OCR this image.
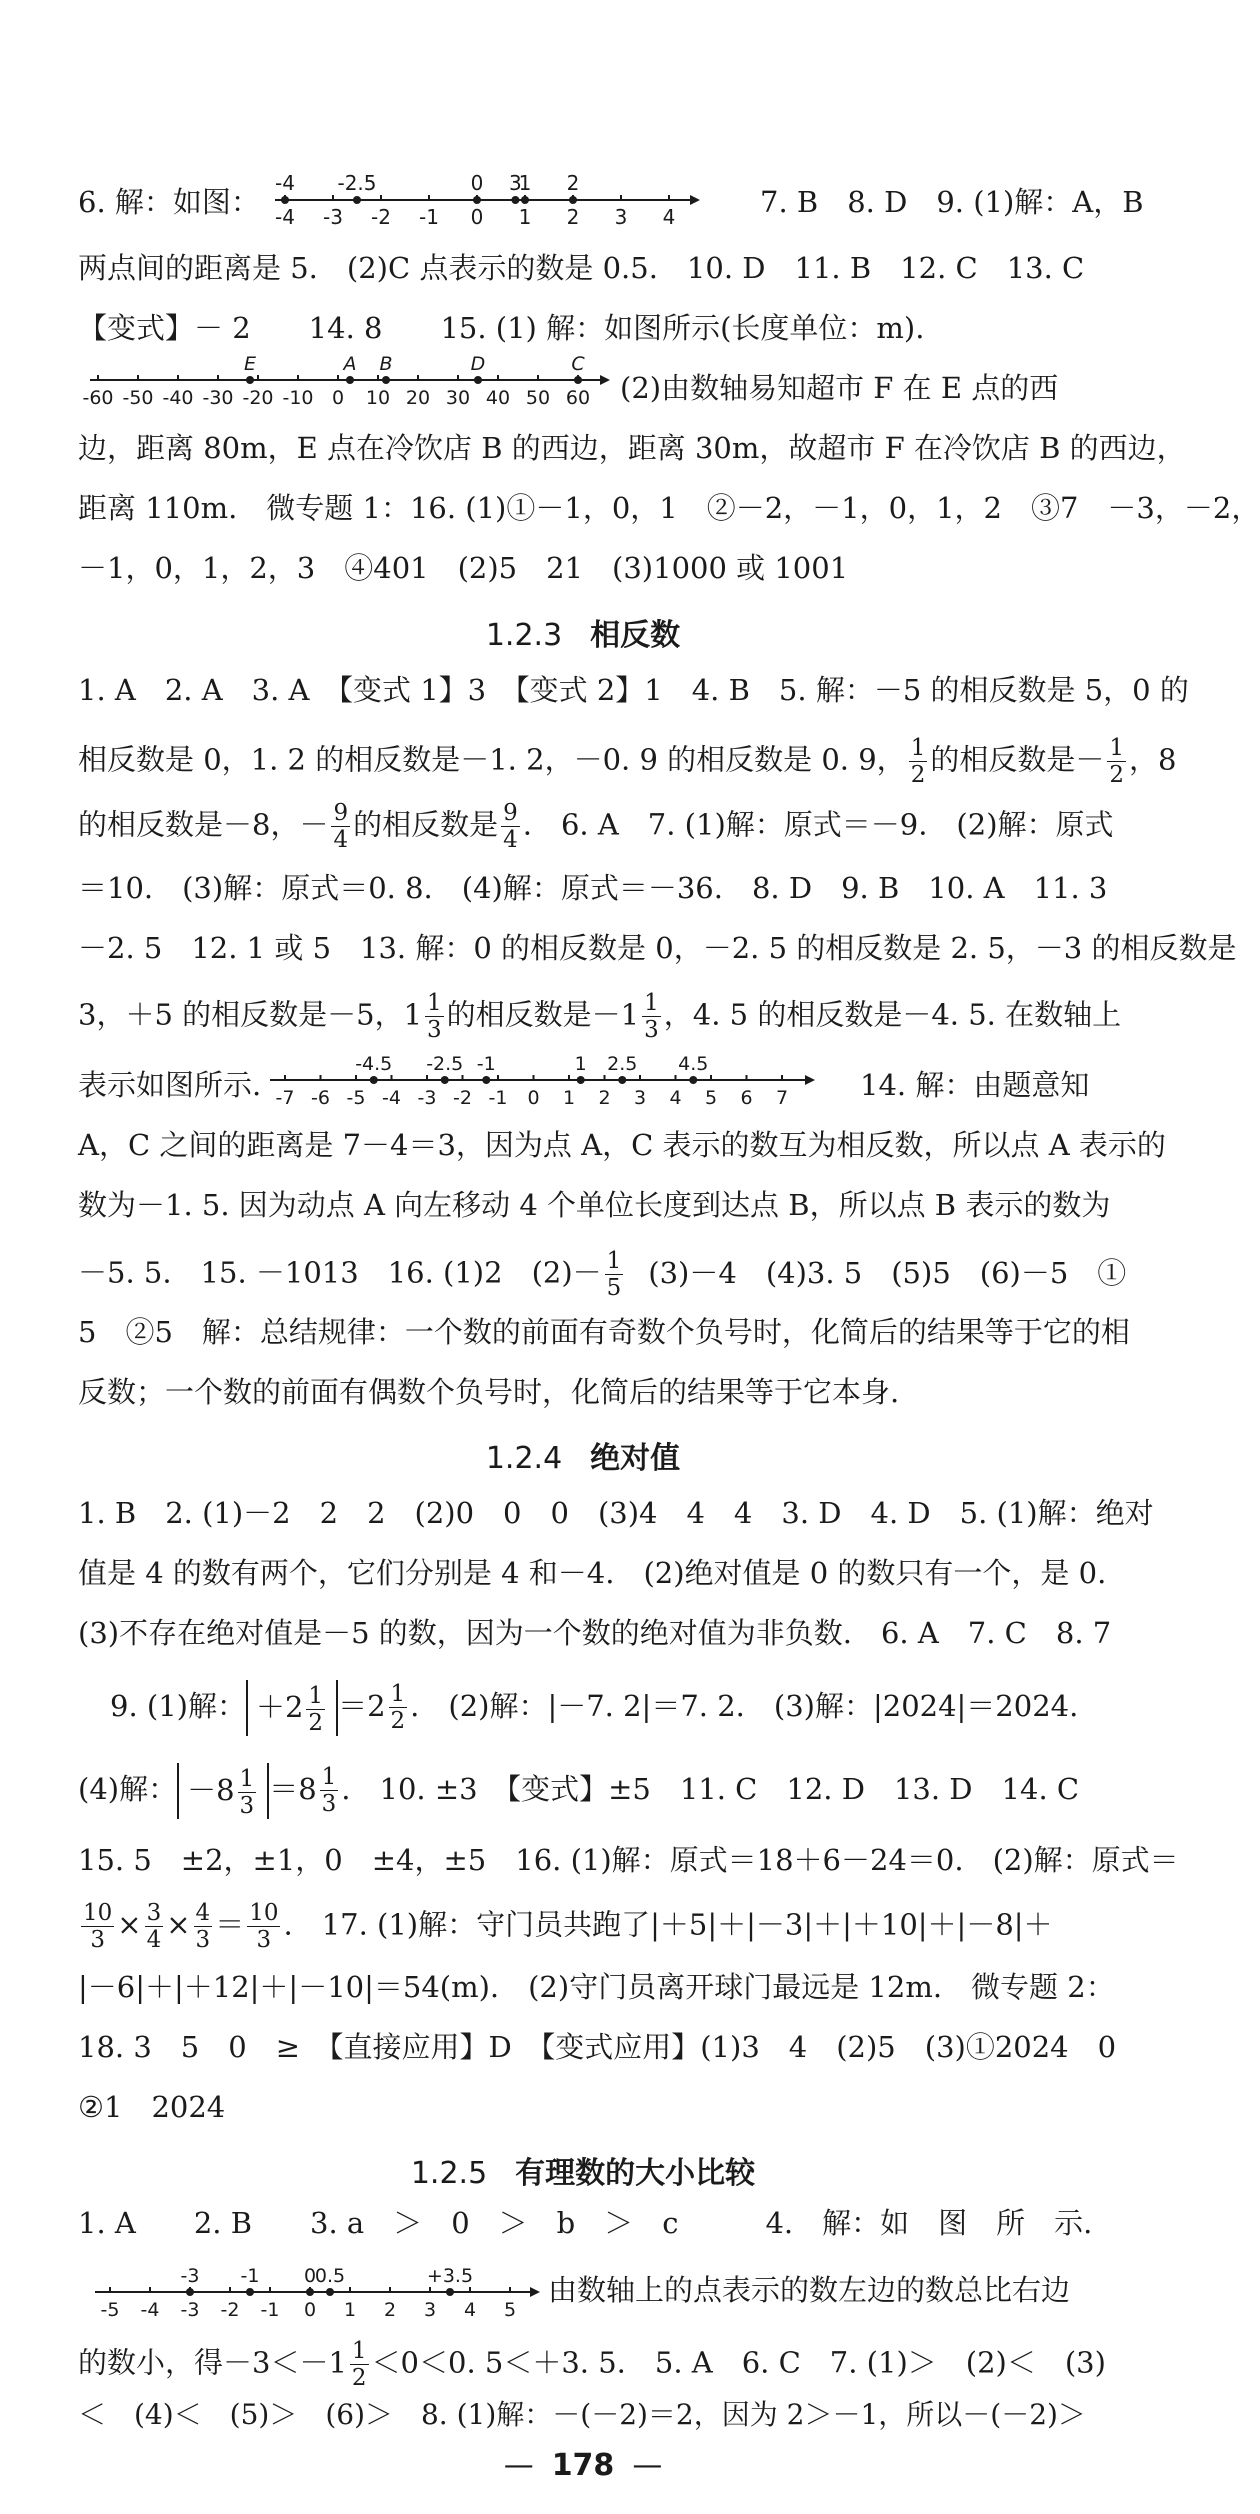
6. 解：如图： -4 -3 -2 -1 0 1 2 3 4
-4 -2.5	0 1
3 2
7. B　8. D　9. (1)解：A，B
两点间的距离是 5.　(2)C 点表示的数是 0.5.　10. D　11. B　12. C　13. C
【变式】－ 2　　14. 8　　15. (1) 解：如图所示(长度单位：m).
-60 -50 -40 -30 -20 -10 0 10 20 30 40 50 60
E	A B	D	C
(2)由数轴易知超市 F 在 E 点的西
边，距离 80m，E 点在冷饮店 B 的西边，距离 30m，故超市 F 在冷饮店 B 的西边，
距离 110m.　微专题 1：16. (1)①－1，0，1　②－2，－1，0，1，2　③7　－3，－2，
－1，0，1，2，3　④401　(2)5　21　(3)1000 或 1001
1.2.3 相反数
1. A　2. A　3. A　【变式 1】3　【变式 2】1　4. B　5. 解：－5 的相反数是 5，0 的
相反数是 0，1. 2 的相反数是－1. 2，－0. 9 的相反数是 0. 9， $\frac{1}{2}$ 的相反数是－ $\frac{1}{2}$ ，8
的相反数是－8，－ $\frac{9}{4}$ 的相反数是 $\frac{9}{4}$ .　6. A　7. (1)解：原式＝－9.　(2)解：原式
＝10.　(3)解：原式＝0. 8.　(4)解：原式＝－36.　8. D　9. B　10. A　11. 3
－2. 5　12. 1 或 5　13. 解：0 的相反数是 0，－2. 5 的相反数是 2. 5，－3 的相反数是
3，＋5 的相反数是－5，$1 \frac{1}{3}$ 的相反数是$-1 \frac{1}{3}$ ，4. 5 的相反数是－4. 5. 在数轴上
表示如图所示. -7 -6 -5 -4 -3 -2 -1 0 1 2 3 4 5 6 7
-4.5 -2.5 -1	1 2.5 4.5
14. 解：由题意知
A，C 之间的距离是 7－4＝3，因为点 A，C 表示的数互为相反数，所以点 A 表示的
数为－1. 5. 因为动点 A 向左移动 4 个单位长度到达点 B，所以点 B 表示的数为
－5. 5.　15. －1013　16. (1)2　$(2)- \frac{1}{5} (3)-4$　(4)3. 5　(5)5　(6)－5　①
5　②5　解：总结规律：一个数的前面有奇数个负号时，化简后的结果等于它的相
反数；一个数的前面有偶数个负号时，化简后的结果等于它本身.
1.2.4 绝对值
1. B　2. (1)－2　2　2　(2)0　0　0　(3)4　4　4　3. D　4. D　5. (1)解：绝对
值是 4 的数有两个，它们分别是 4 和－4.　(2)绝对值是 0 的数只有一个，是 0.
(3)不存在绝对值是－5 的数，因为一个数的绝对值为非负数.　6. A　7. C　8. 7
9. (1)解： $+2 \frac{1}{2} =2 \frac{1}{2}$ .　(2)解：|－7. 2|＝7. 2.　(3)解：|2024|＝2024.
(4)解： $-8 \frac{1}{3} =8 \frac{1}{3}$ .　10. ±3　【变式】±5　11. C　12. D　13. D　14. C
15. 5　±2，±1，0　±4，±5　16. (1)解：原式＝18＋6－24＝0.　(2)解：原式＝
$\frac{10}{3} \times \frac{3}{4} \times \frac{4}{3} = \frac{10}{3}$ .　17. (1)解：守门员共跑了|＋5|＋|－3|＋|＋10|＋|－8|＋
|－6|＋|＋12|＋|－10|＝54(m).　(2)守门员离开球门最远是 12m.　微专题 2：
18. 3　5　0　≥　【直接应用】D　【变式应用】(1)3　4　(2)5　(3)①2024　0
②1　2024
1.2.5 有理数的大小比较
1. A　　2. B　　3. a　＞　0　＞　b　＞　c　　　4.　解：如　图　所　示.
-5 -4 -3 -2 -1 0 1 2 3 4 5
-3 -1 0
0.5	+3.5	由数轴上的点表示的数左边的数总比右边
的数小，得$-3<-1 \frac{1}{2} <0<0$. 5＜＋3. 5.　5. A　6. C　7. (1)＞　(2)＜　(3)
＜　(4)＜　(5)＞　(6)＞　8. (1)解：－(－2)＝2，因为 2＞－1，所以－(－2)＞
— 178 —
